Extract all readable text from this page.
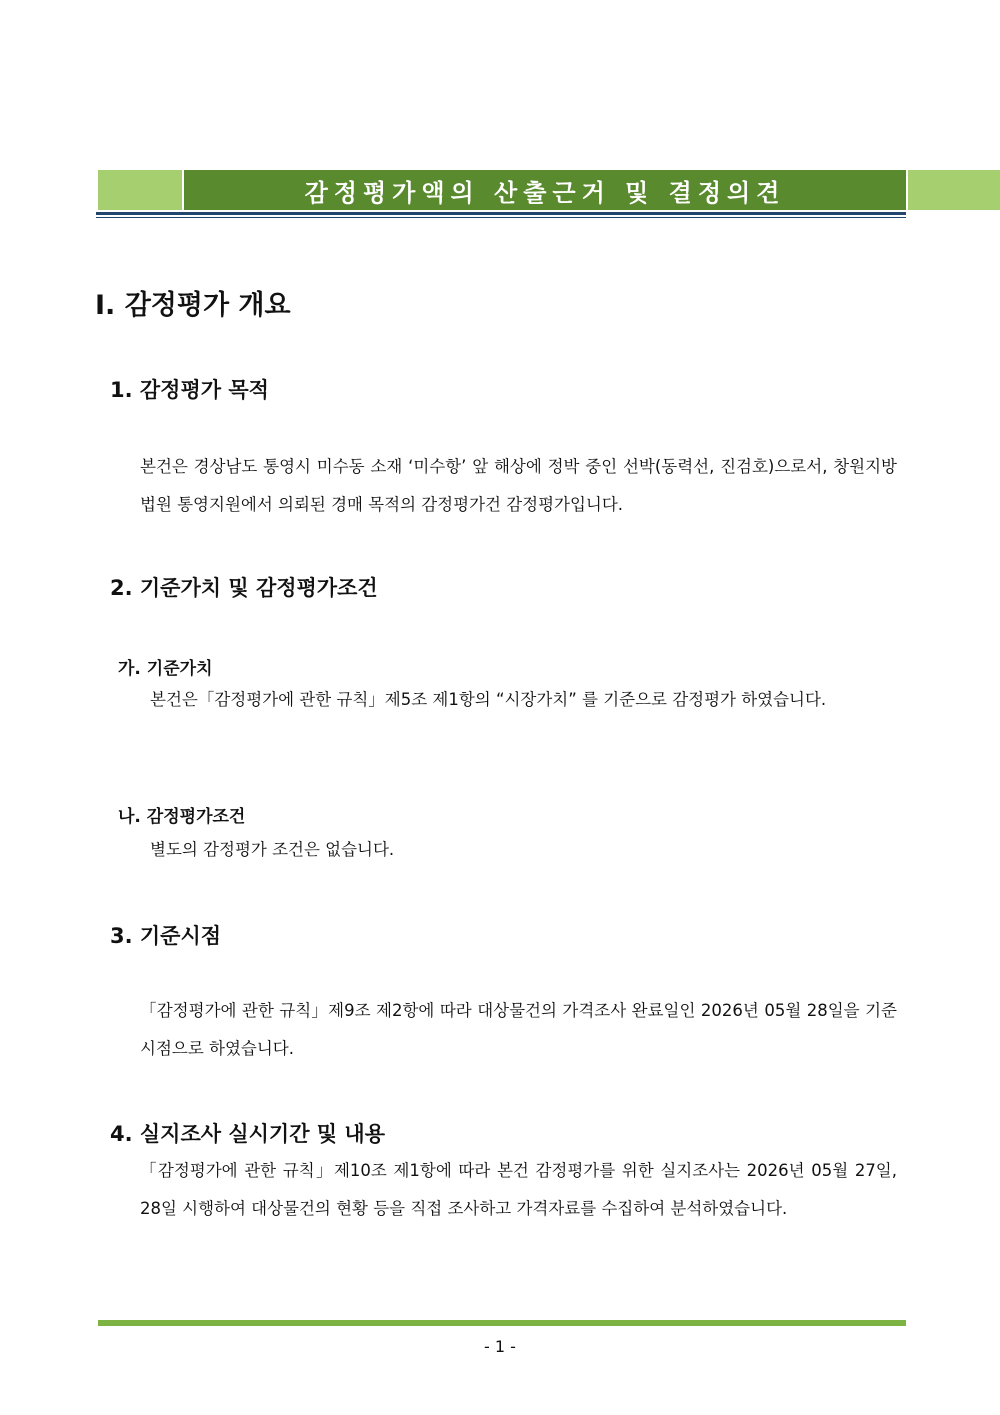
감정평가액의 산출근거 및 결정의견
I. 감정평가 개요
1. 감정평가 목적
본건은 경상남도 통영시 미수동 소재 ‘미수항’ 앞 해상에 정박 중인 선박(동력선, 진검호)으로서, 창원지방법원 통영지원에서 의뢰된 경매 목적의 감정평가건 감정평가입니다.
2. 기준가치 및 감정평가조건
가. 기준가치
본건은「감정평가에 관한 규칙」제5조 제1항의 “시장가치” 를 기준으로 감정평가 하였습니다.
나. 감정평가조건
별도의 감정평가 조건은 없습니다.
3. 기준시점
「감정평가에 관한 규칙」제9조 제2항에 따라 대상물건의 가격조사 완료일인 2026년 05월 28일을 기준시점으로 하였습니다.
4. 실지조사 실시기간 및 내용
「감정평가에 관한 규칙」제10조 제1항에 따라 본건 감정평가를 위한 실지조사는 2026년 05월 27일, 28일 시행하여 대상물건의 현황 등을 직접 조사하고 가격자료를 수집하여 분석하였습니다.
- 1 -
